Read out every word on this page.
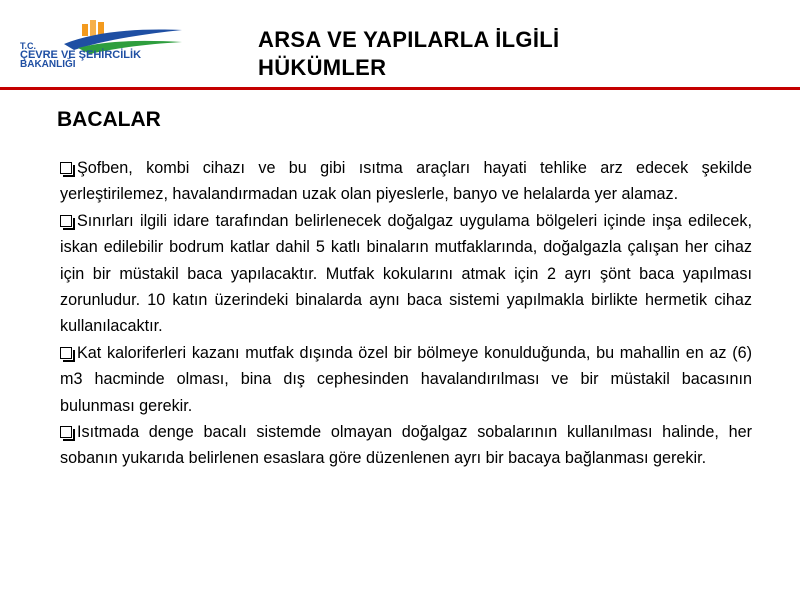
T.C.
ÇEVRE VE ŞEHİRCİLİK
BAKANLIĞI
ARSA VE YAPILARLA İLGİLİ
HÜKÜMLER
BACALAR

Şofben, kombi cihazı ve bu gibi ısıtma araçları hayati tehlike arz edecek şekilde yerleştirilemez, havalandırmadan uzak olan piyeslerle, banyo ve helalarda yer alamaz.

Sınırları ilgili idare tarafından belirlenecek doğalgaz uygulama bölgeleri içinde inşa edilecek, iskan edilebilir bodrum katlar dahil 5 katlı binaların mutfaklarında, doğalgazla çalışan her cihaz için bir müstakil baca yapılacaktır. Mutfak kokularını atmak için 2 ayrı şönt baca yapılması zorunludur. 10 katın üzerindeki binalarda aynı baca sistemi yapılmakla birlikte hermetik cihaz kullanılacaktır.

Kat kaloriferleri kazanı mutfak dışında özel bir bölmeye konulduğunda, bu mahallin en az (6) m3 hacminde olması, bina dış cephesinden havalandırılması ve bir müstakil bacasının bulunması gerekir.

Isıtmada denge bacalı sistemde olmayan doğalgaz sobalarının kullanılması halinde, her sobanın yukarıda belirlenen esaslara göre düzenlenen ayrı bir bacaya bağlanması gerekir.
